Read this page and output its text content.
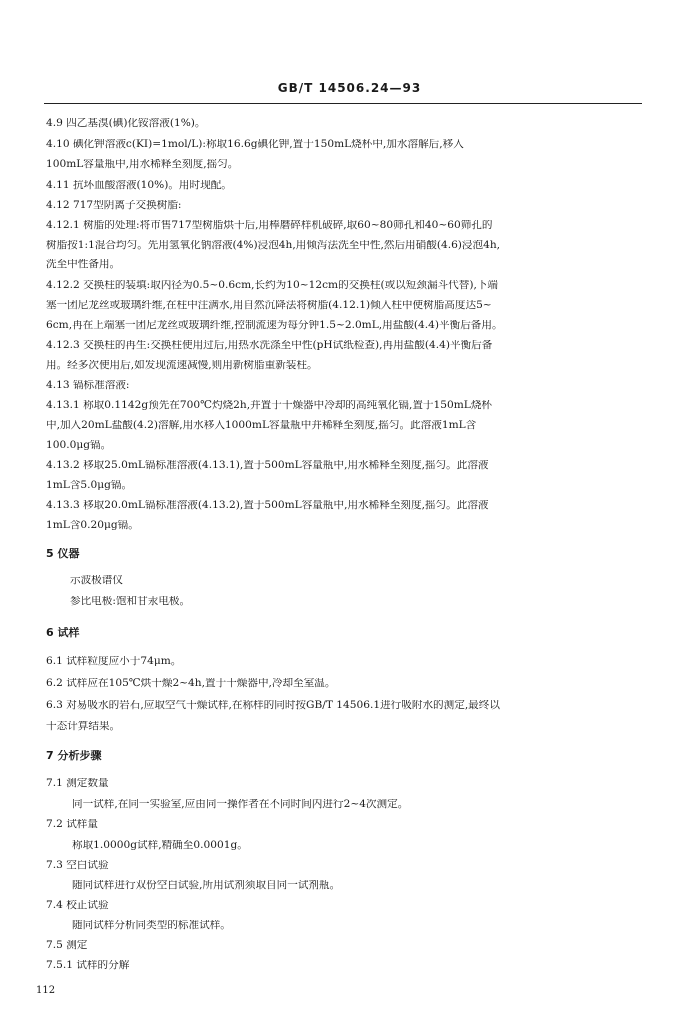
GB/T 14506.24—93
4.9 四乙基溴(碘)化铵溶液(1%)。
4.10 碘化钾溶液c(KI)=1mol/L):称取16.6g碘化钾,置于150mL烧杯中,加水溶解后,移入
100mL容量瓶中,用水稀释至刻度,摇匀。
4.11 抗坏血酸溶液(10%)。用时现配。
4.12 717型阴离子交换树脂:
4.12.1 树脂的处理:将市售717型树脂烘干后,用棒磨碎样机破碎,取60~80筛孔和40~60筛孔的
树脂按1:1混合均匀。先用氢氧化钠溶液(4%)浸泡4h,用倾泻法洗至中性,然后用硝酸(4.6)浸泡4h,
洗至中性备用。
4.12.2 交换柱的装填:取内径为0.5~0.6cm,长约为10~12cm的交换柱(或以短颈漏斗代替),下端
塞一团尼龙丝或玻璃纤维,在柱中注满水,用自然沉降法将树脂(4.12.1)倾入柱中使树脂高度达5~
6cm,再在上端塞一团尼龙丝或玻璃纤维,控制流速为每分钟1.5~2.0mL,用盐酸(4.4)平衡后备用。
4.12.3 交换柱的再生:交换柱使用过后,用热水洗涤至中性(pH试纸检查),再用盐酸(4.4)平衡后备
用。经多次使用后,如发现流速减慢,则用新树脂重新装柱。
4.13 镉标准溶液:
4.13.1 称取0.1142g预先在700℃灼烧2h,并置于干燥器中冷却的高纯氧化镉,置于150mL烧杯
中,加入20mL盐酸(4.2)溶解,用水移入1000mL容量瓶中并稀释至刻度,摇匀。此溶液1mL含
100.0μg镉。
4.13.2 移取25.0mL镉标准溶液(4.13.1),置于500mL容量瓶中,用水稀释至刻度,摇匀。此溶液
1mL含5.0μg镉。
4.13.3 移取20.0mL镉标准溶液(4.13.2),置于500mL容量瓶中,用水稀释至刻度,摇匀。此溶液
1mL含0.20μg镉。
5 仪器
示波极谱仪
参比电极:饱和甘汞电极。
6 试样
6.1 试样粒度应小于74μm。
6.2 试样应在105℃烘干燥2~4h,置于干燥器中,冷却至室温。
6.3 对易吸水的岩石,应取空气干燥试样,在称样的同时按GB/T 14506.1进行吸附水的测定,最终以
干态计算结果。
7 分析步骤
7.1 测定数量
同一试样,在同一实验室,应由同一操作者在不同时间内进行2~4次测定。
7.2 试样量
称取1.0000g试样,精确至0.0001g。
7.3 空白试验
随同试样进行双份空白试验,所用试剂须取自同一试剂瓶。
7.4 校正试验
随同试样分析同类型的标准试样。
7.5 测定
7.5.1 试样的分解
112
